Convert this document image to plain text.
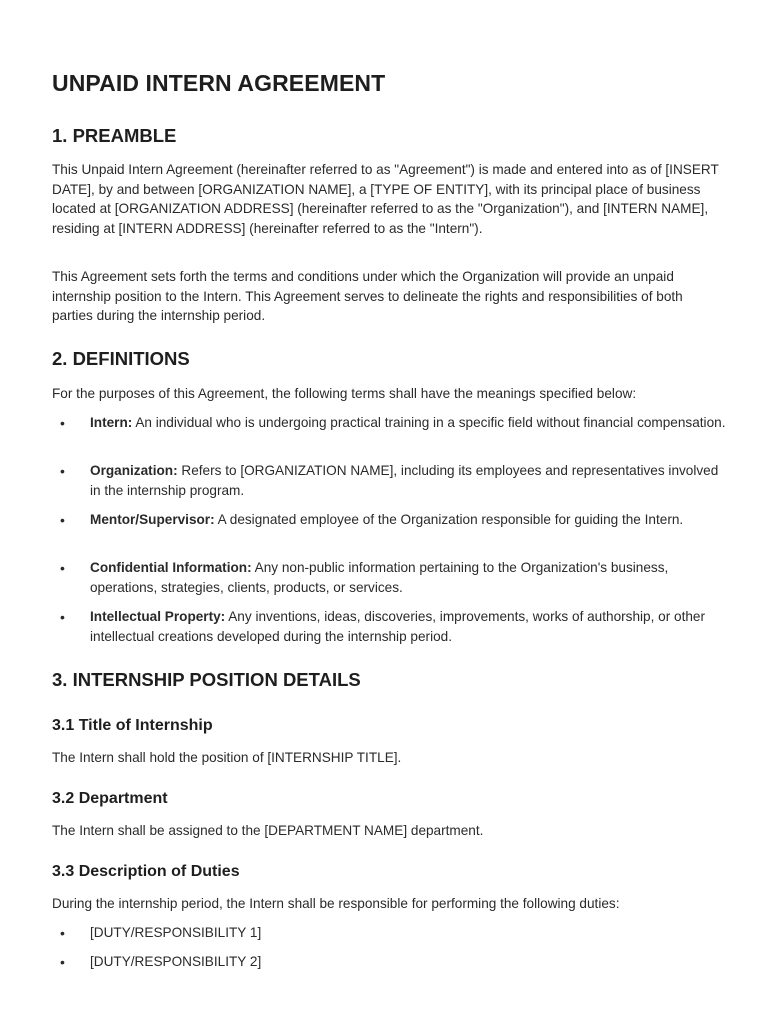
UNPAID INTERN AGREEMENT
1. PREAMBLE

This Unpaid Intern Agreement (hereinafter referred to as "Agreement") is made and entered into as of [INSERT DATE], by and between [ORGANIZATION NAME], a [TYPE OF ENTITY], with its principal place of business located at [ORGANIZATION ADDRESS] (hereinafter referred to as the "Organization"), and [INTERN NAME], residing at [INTERN ADDRESS] (hereinafter referred to as the "Intern").

This Agreement sets forth the terms and conditions under which the Organization will provide an unpaid internship position to the Intern. This Agreement serves to delineate the rights and responsibilities of both parties during the internship period.

2. DEFINITIONS

For the purposes of this Agreement, the following terms shall have the meanings specified below:

• Intern: An individual who is undergoing practical training in a specific field without financial compensation.
• Organization: Refers to [ORGANIZATION NAME], including its employees and representatives involved in the internship program.
• Mentor/Supervisor: A designated employee of the Organization responsible for guiding the Intern.
• Confidential Information: Any non-public information pertaining to the Organization's business, operations, strategies, clients, products, or services.
• Intellectual Property: Any inventions, ideas, discoveries, improvements, works of authorship, or other intellectual creations developed during the internship period.
3. INTERNSHIP POSITION DETAILS
3.1 Title of Internship

The Intern shall hold the position of [INTERNSHIP TITLE].

3.2 Department

The Intern shall be assigned to the [DEPARTMENT NAME] department.

3.3 Description of Duties

During the internship period, the Intern shall be responsible for performing the following duties:

• [DUTY/RESPONSIBILITY 1]
• [DUTY/RESPONSIBILITY 2]
